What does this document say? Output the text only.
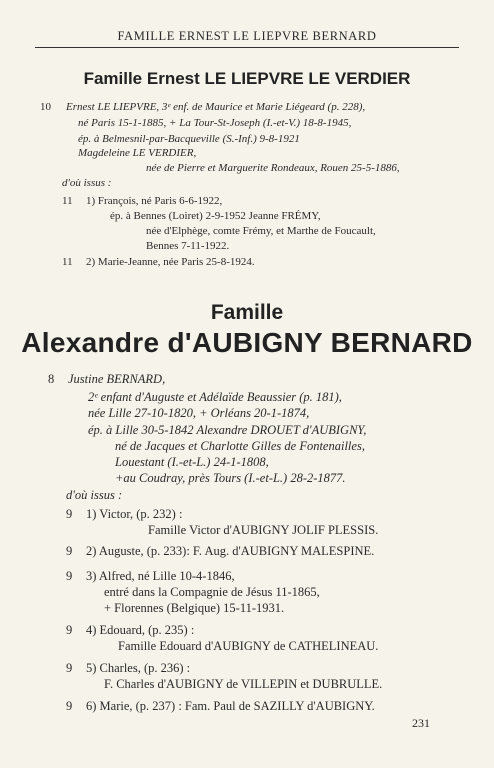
FAMILLE ERNEST LE LIEPVRE BERNARD
Famille Ernest LE LIEPVRE LE VERDIER
10 Ernest LE LIEPVRE, 3ᵉ enf. de Maurice et Marie Liégeard (p. 228),
né Paris 15-1-1885, + La Tour-St-Joseph (I.-et-V.) 18-8-1945,
ép. à Belmesnil-par-Bacqueville (S.-Inf.) 9-8-1921
Magdeleine LE VERDIER,
née de Pierre et Marguerite Rondeaux, Rouen 25-5-1886,
d'où issus :
11 1) François, né Paris 6-6-1922,
ép. à Bennes (Loiret) 2-9-1952 Jeanne FRÉMY,
née d'Elphège, comte Frémy, et Marthe de Foucault,
Bennes 7-11-1922.
11 2) Marie-Jeanne, née Paris 25-8-1924.
Famille
Alexandre d'AUBIGNY BERNARD
8 Justine BERNARD,
2ᵉ enfant d'Auguste et Adélaïde Beaussier (p. 181),
née Lille 27-10-1820, + Orléans 20-1-1874,
ép. à Lille 30-5-1842 Alexandre DROUET d'AUBIGNY,
né de Jacques et Charlotte Gilles de Fontenailles,
Louestant (I.-et-L.) 24-1-1808,
+au Coudray, près Tours (I.-et-L.) 28-2-1877.
d'où issus :
9 1) Victor, (p. 232) :
Famille Victor d'AUBIGNY JOLIF PLESSIS.
9 2) Auguste, (p. 233): F. Aug. d'AUBIGNY MALESPINE.
9 3) Alfred, né Lille 10-4-1846,
entré dans la Compagnie de Jésus 11-1865,
+ Florennes (Belgique) 15-11-1931.
9 4) Edouard, (p. 235) :
Famille Edouard d'AUBIGNY de CATHELINEAU.
9 5) Charles, (p. 236) :
F. Charles d'AUBIGNY de VILLEPIN et DUBRULLE.
9 6) Marie, (p. 237) : Fam. Paul de SAZILLY d'AUBIGNY.
231
